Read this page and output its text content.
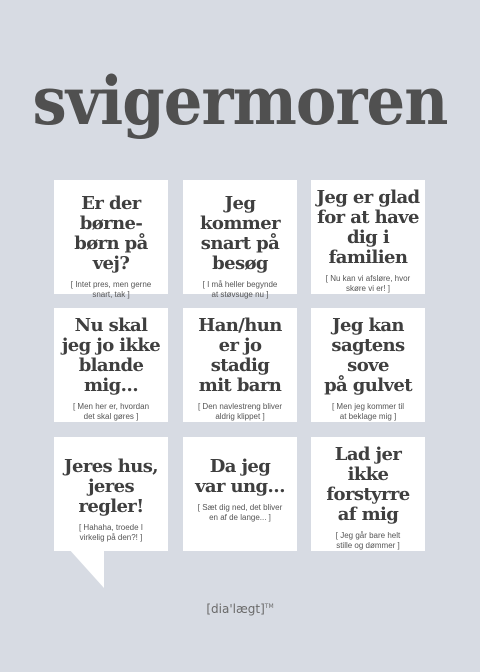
svigermoren
Er der børne-
børn på vej?
[ Intet pres, men gerne
snart, tak ]
Jeg kommer
snart på besøg
[ I må heller begynde
at støvsuge nu ]
Jeg er glad
for at have
dig i familien
[ Nu kan vi afsløre, hvor
skøre vi er! ]
Nu skal
jeg jo ikke
blande mig…
[ Men her er, hvordan
det skal gøres ]
Han/hun
er jo stadig
mit barn
[ Den navlestreng bliver
aldrig klippet ]
Jeg kan
sagtens sove
på gulvet
[ Men jeg kommer til
at beklage mig ]
Jeres hus,
jeres regler!
[ Hahaha, troede I
virkelig på den?! ]
Da jeg
var ung…
[ Sæt dig ned, det bliver
en af de lange... ]
Lad jer
ikke forstyrre
af mig
[ Jeg går bare helt
stille og dømmer ]
[dia'lægt]™
